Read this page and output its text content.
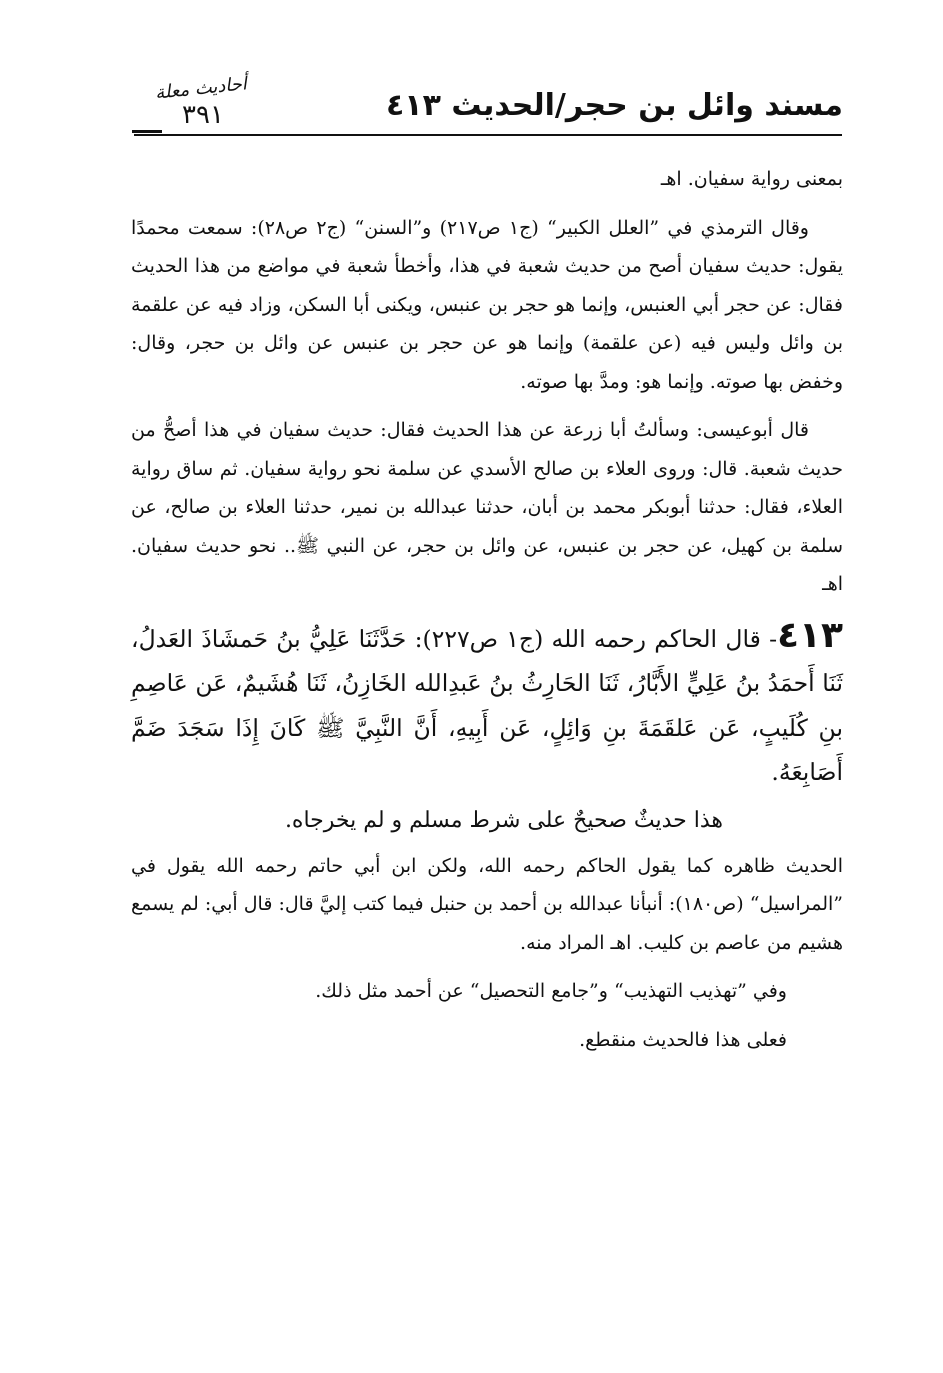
مسند وائل بن حجر/الحديث ٤١٣
أحاديث معلة
٣٩١

بمعنى رواية سفيان. اهـ

وقال الترمذي في ”العلل الكبير“ (ج١ ص٢١٧) و”السنن“ (ج٢ ص٢٨): سمعت محمدًا يقول: حديث سفيان أصح من حديث شعبة في هذا، وأخطأ شعبة في مواضع من هذا الحديث فقال: عن حجر أبي العنبس، وإنما هو حجر بن عنبس، ويكنى أبا السكن، وزاد فيه عن علقمة بن وائل وليس فيه (عن علقمة) وإنما هو عن حجر بن عنبس عن وائل بن حجر، وقال: وخفض بها صوته. وإنما هو: ومدَّ بها صوته.

قال أبوعيسى: وسألتُ أبا زرعة عن هذا الحديث فقال: حديث سفيان في هذا أصحُّ من حديث شعبة. قال: وروى العلاء بن صالح الأسدي عن سلمة نحو رواية سفيان. ثم ساق رواية العلاء، فقال: حدثنا أبوبكر محمد بن أبان، حدثنا عبدالله بن نمير، حدثنا العلاء بن صالح، عن سلمة بن كهيل، عن حجر بن عنبس، عن وائل بن حجر، عن النبي ﷺ.. نحو حديث سفيان. اهـ

٤١٣- قال الحاكم رحمه الله (ج١ ص٢٢٧): حَدَّثَنَا عَلِيُّ بنُ حَمشَاذَ العَدلُ، ثَنَا أَحمَدُ بنُ عَلِيٍّ الأَبَّارُ، ثَنَا الحَارِثُ بنُ عَبدِالله الخَازِنُ، ثَنَا هُشَيمٌ، عَن عَاصِمِ بنِ كُلَيبٍ، عَن عَلقَمَةَ بنِ وَائِلٍ، عَن أَبِيهِ، أَنَّ النَّبِيَّ ﷺ كَانَ إِذَا سَجَدَ ضَمَّ أَصَابِعَهُ.

هذا حديثٌ صحيحٌ على شرط مسلم و لم يخرجاه.

الحديث ظاهره كما يقول الحاكم رحمه الله، ولكن ابن أبي حاتم رحمه الله يقول في ”المراسيل“ (ص١٨٠): أنبأنا عبدالله بن أحمد بن حنبل فيما كتب إليَّ قال: قال أبي: لم يسمع هشيم من عاصم بن كليب. اهـ المراد منه.

وفي ”تهذيب التهذيب“ و”جامع التحصيل“ عن أحمد مثل ذلك.

فعلى هذا فالحديث منقطع.
